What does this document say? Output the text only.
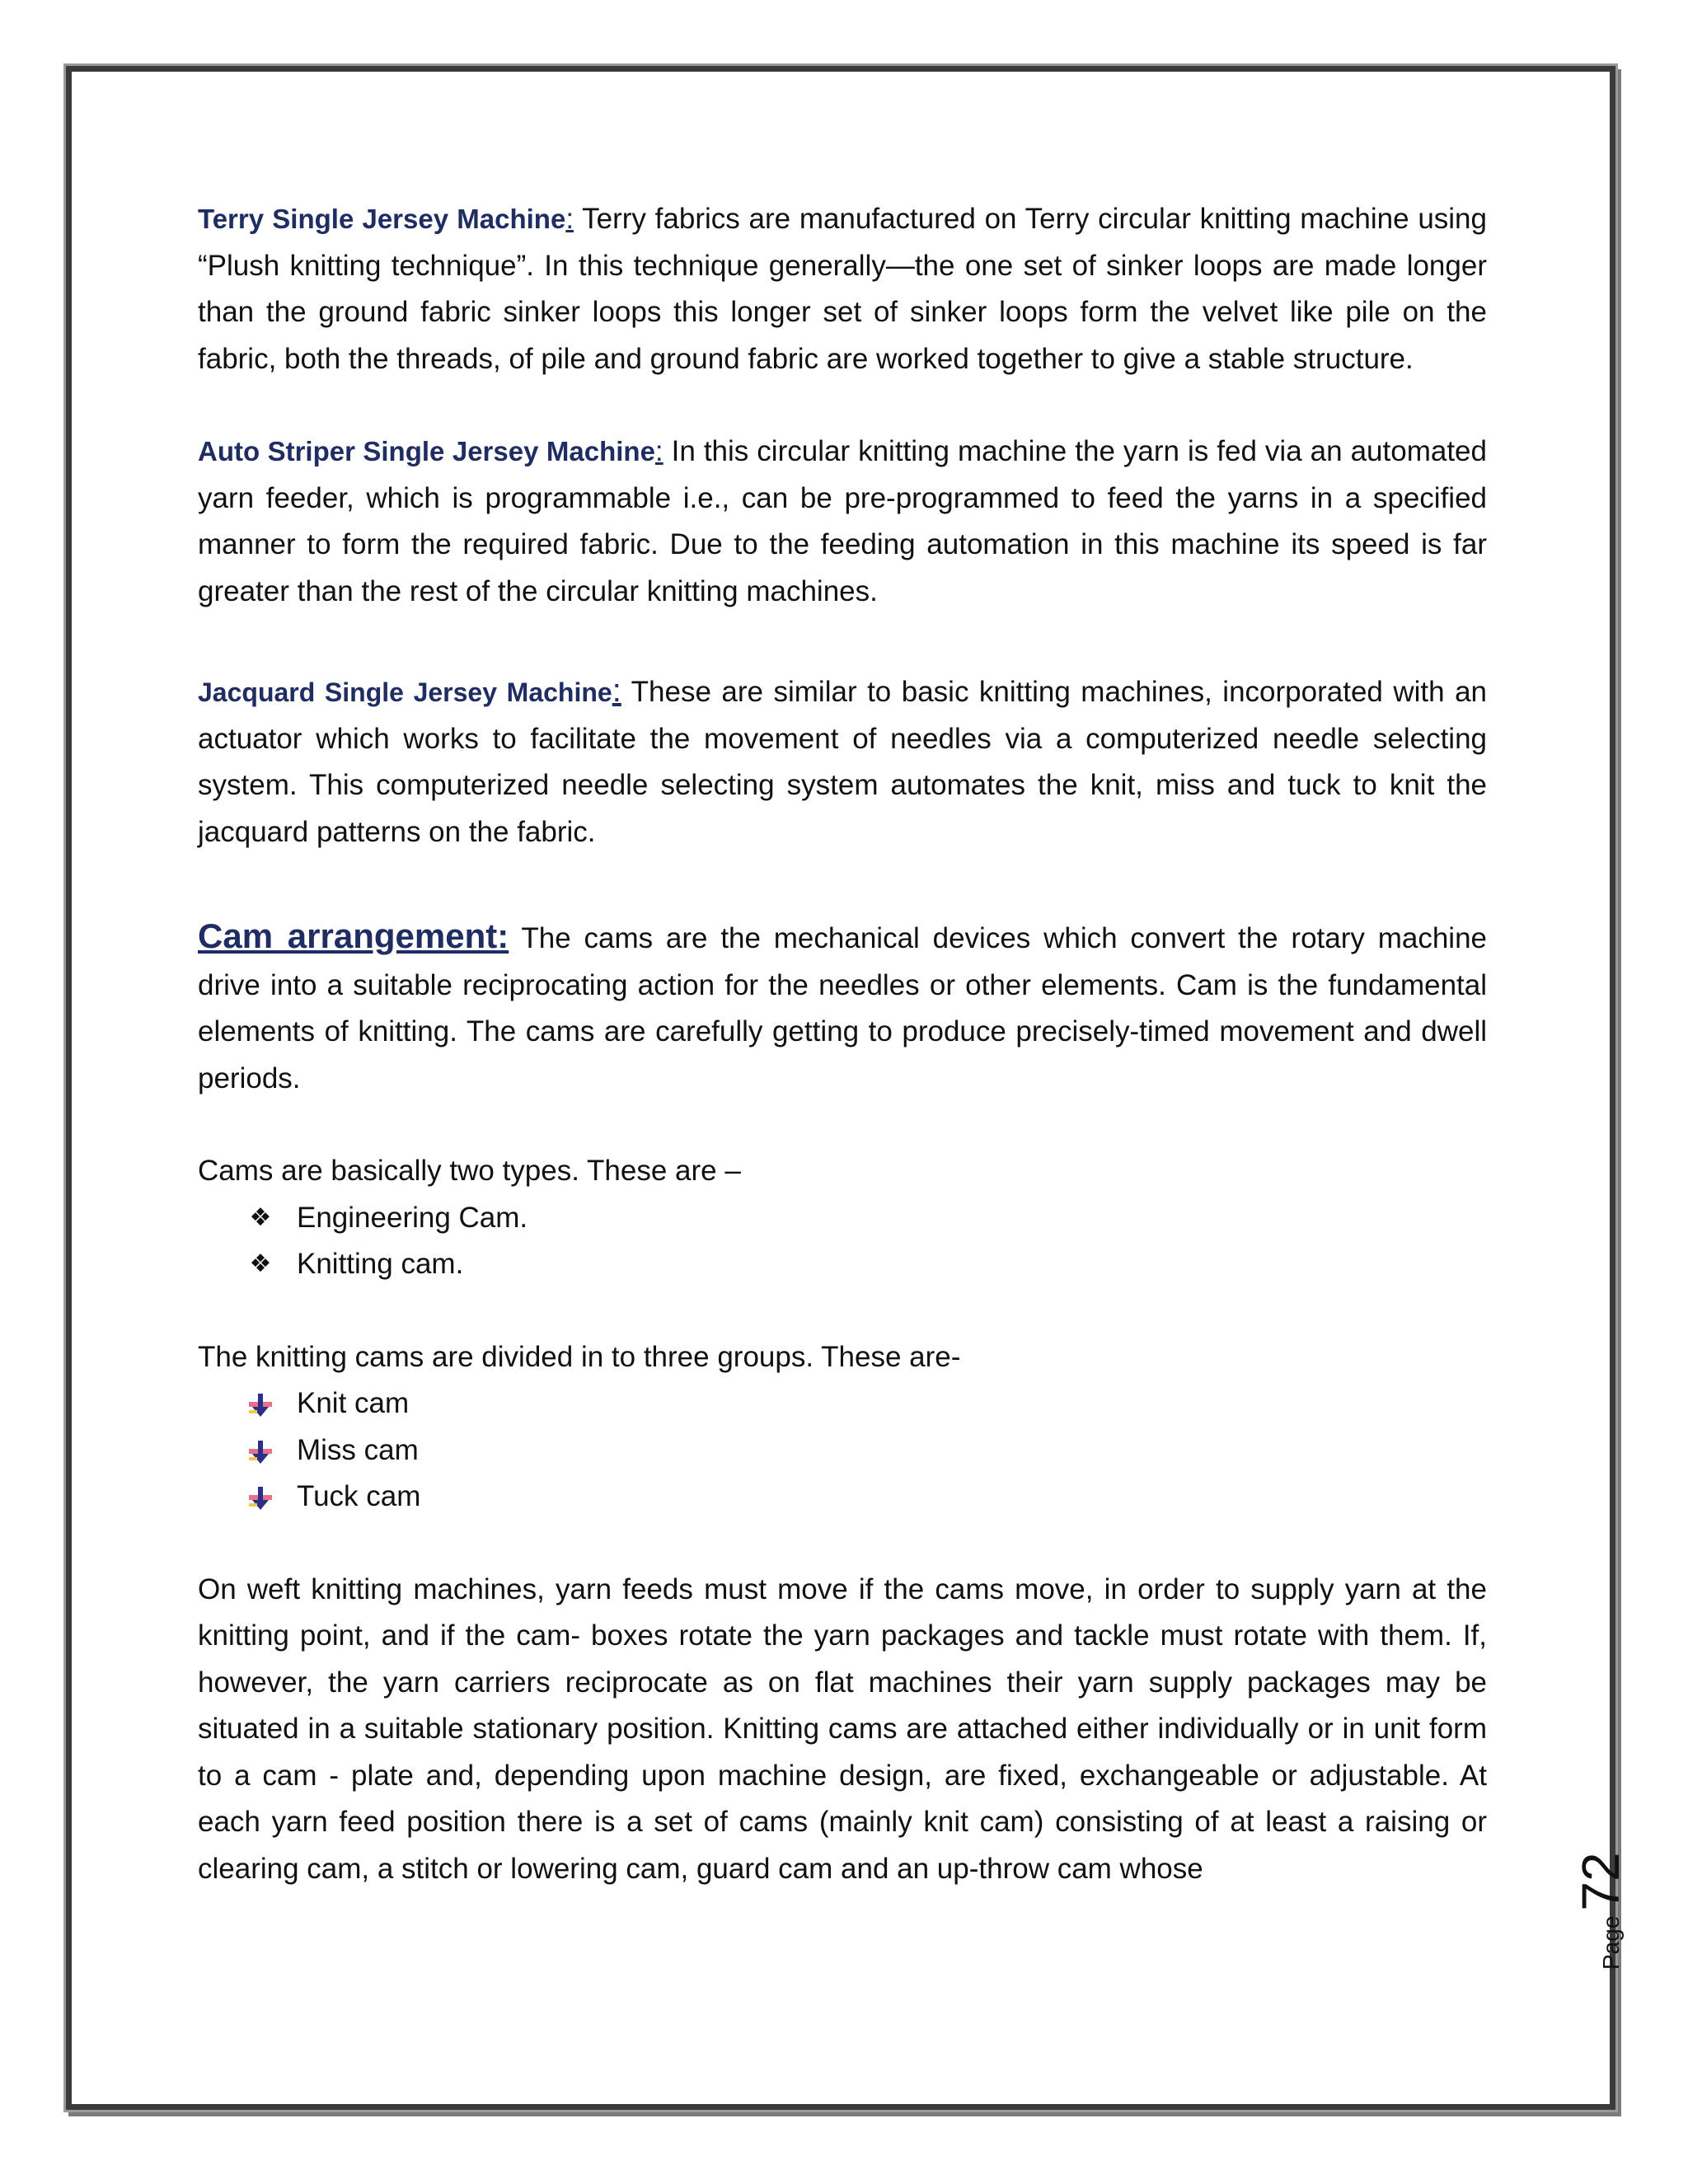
Terry Single Jersey Machine: Terry fabrics are manufactured on Terry circular knitting machine using “Plush knitting technique”. In this technique generally—the one set of sinker loops are made longer than the ground fabric sinker loops this longer set of sinker loops form the velvet like pile on the fabric, both the threads, of pile and ground fabric are worked together to give a stable structure.

Auto Striper Single Jersey Machine: In this circular knitting machine the yarn is fed via an automated yarn feeder, which is programmable i.e., can be pre-programmed to feed the yarns in a specified manner to form the required fabric. Due to the feeding automation in this machine its speed is far greater than the rest of the circular knitting machines.

Jacquard Single Jersey Machine: These are similar to basic knitting machines, incorporated with an actuator which works to facilitate the movement of needles via a computerized needle selecting system. This computerized needle selecting system automates the knit, miss and tuck to knit the jacquard patterns on the fabric.

Cam arrangement: The cams are the mechanical devices which convert the rotary machine drive into a suitable reciprocating action for the needles or other elements. Cam is the fundamental elements of knitting. The cams are carefully getting to produce precisely-timed movement and dwell periods.

Cams are basically two types. These are –

❖ Engineering Cam.
❖ Knitting cam.

The knitting cams are divided in to three groups. These are-

Knit cam
Miss cam
Tuck cam

On weft knitting machines, yarn feeds must move if the cams move, in order to supply yarn at the knitting point, and if the cam- boxes rotate the yarn packages and tackle must rotate with them. If, however, the yarn carriers reciprocate as on flat machines their yarn supply packages may be situated in a suitable stationary position. Knitting cams are attached either individually or in unit form to a cam - plate and, depending upon machine design, are fixed, exchangeable or adjustable. At each yarn feed position there is a set of cams (mainly knit cam) consisting of at least a raising or clearing cam, a stitch or lowering cam, guard cam and an up-throw cam whose

Page72
